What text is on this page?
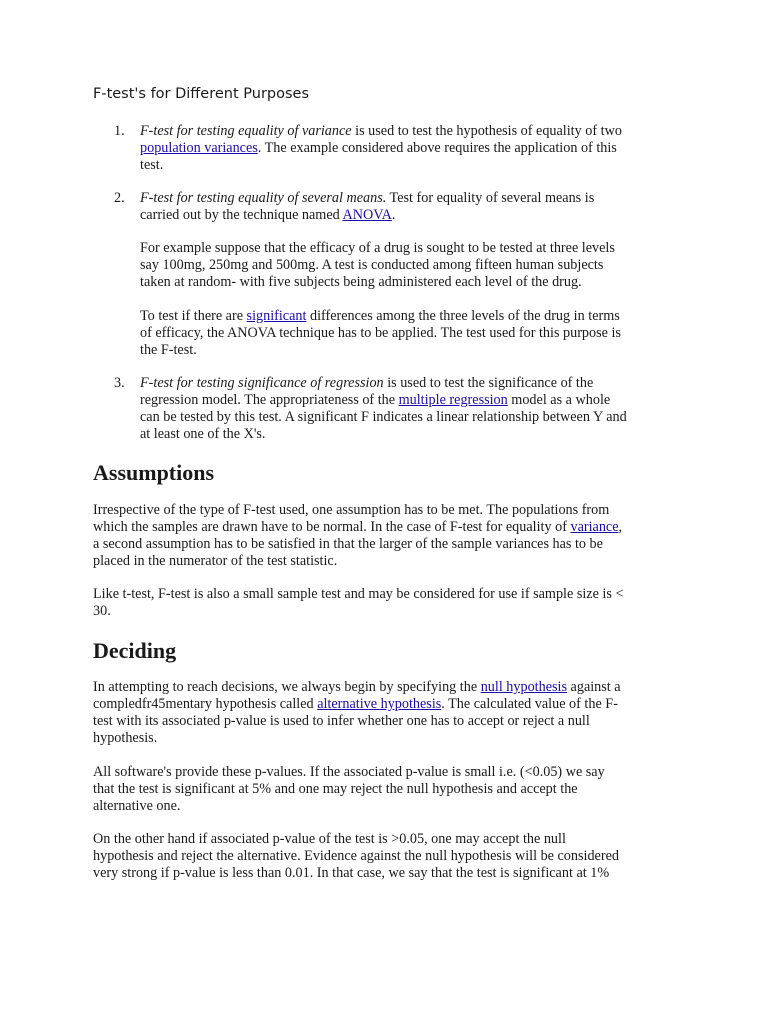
F-test's for Different Purposes
1. F-test for testing equality of variance is used to test the hypothesis of equality of two
population variances. The example considered above requires the application of this
test.
2. F-test for testing equality of several means. Test for equality of several means is
carried out by the technique named ANOVA.
For example suppose that the efficacy of a drug is sought to be tested at three levels
say 100mg, 250mg and 500mg. A test is conducted among fifteen human subjects
taken at random- with five subjects being administered each level of the drug.
To test if there are significant differences among the three levels of the drug in terms
of efficacy, the ANOVA technique has to be applied. The test used for this purpose is
the F-test.
3. F-test for testing significance of regression is used to test the significance of the
regression model. The appropriateness of the multiple regression model as a whole
can be tested by this test. A significant F indicates a linear relationship between Y and
at least one of the X's.
Assumptions
Irrespective of the type of F-test used, one assumption has to be met. The populations from
which the samples are drawn have to be normal. In the case of F-test for equality of variance,
a second assumption has to be satisfied in that the larger of the sample variances has to be
placed in the numerator of the test statistic.
Like t-test, F-test is also a small sample test and may be considered for use if sample size is <
30.
Deciding
In attempting to reach decisions, we always begin by specifying the null hypothesis against a
compledfr45mentary hypothesis called alternative hypothesis. The calculated value of the F-
test with its associated p-value is used to infer whether one has to accept or reject a null
hypothesis.
All software's provide these p-values. If the associated p-value is small i.e. (<0.05) we say
that the test is significant at 5% and one may reject the null hypothesis and accept the
alternative one.
On the other hand if associated p-value of the test is >0.05, one may accept the null
hypothesis and reject the alternative. Evidence against the null hypothesis will be considered
very strong if p-value is less than 0.01. In that case, we say that the test is significant at 1%
